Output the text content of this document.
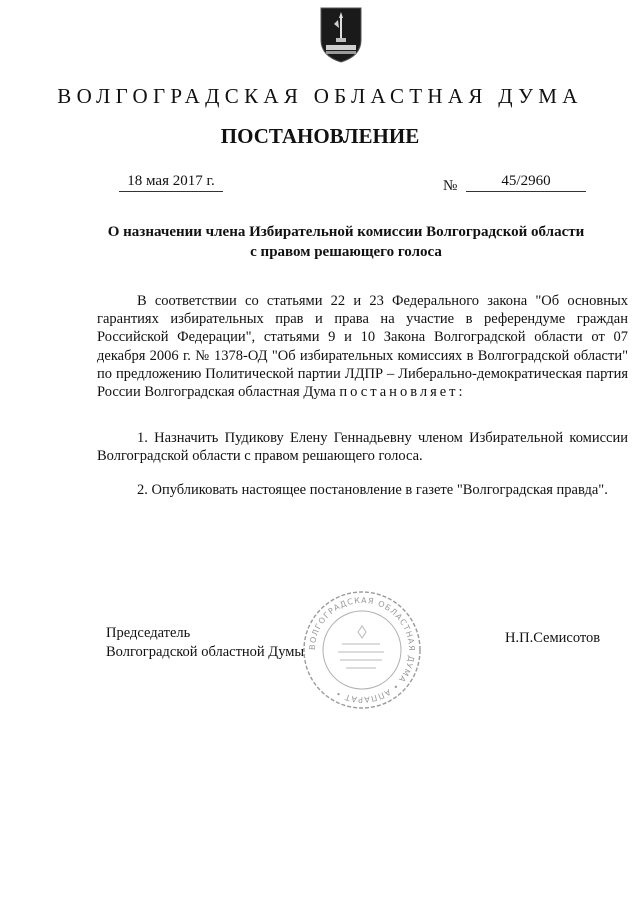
ВОЛГОГРАДСКАЯ ОБЛАСТНАЯ ДУМА
ПОСТАНОВЛЕНИЕ
18 мая 2017 г.	№	45/2960
О назначении члена Избирательной комиссии Волгоградской области
с правом решающего голоса
В соответствии со статьями 22 и 23 Федерального закона "Об основных гарантиях избирательных прав и права на участие в референдуме граждан Российской Федерации", статьями 9 и 10 Закона Волгоградской области от 07 декабря 2006 г. № 1378-ОД "Об избирательных комиссиях в Волгоградской области" по предложению Политической партии ЛДПР – Либерально-демократическая партия России Волгоградская областная Дума постановляет:
1. Назначить Пудикову Елену Геннадьевну членом Избирательной комиссии Волгоградской области с правом решающего голоса.
2. Опубликовать настоящее постановление в газете "Волгоградская правда".
Председатель
Волгоградской областной Думы ВОЛГОГРАДСКАЯ ОБЛАСТНАЯ ДУМА • АППАРАТ •
Н.П.Семисотов
